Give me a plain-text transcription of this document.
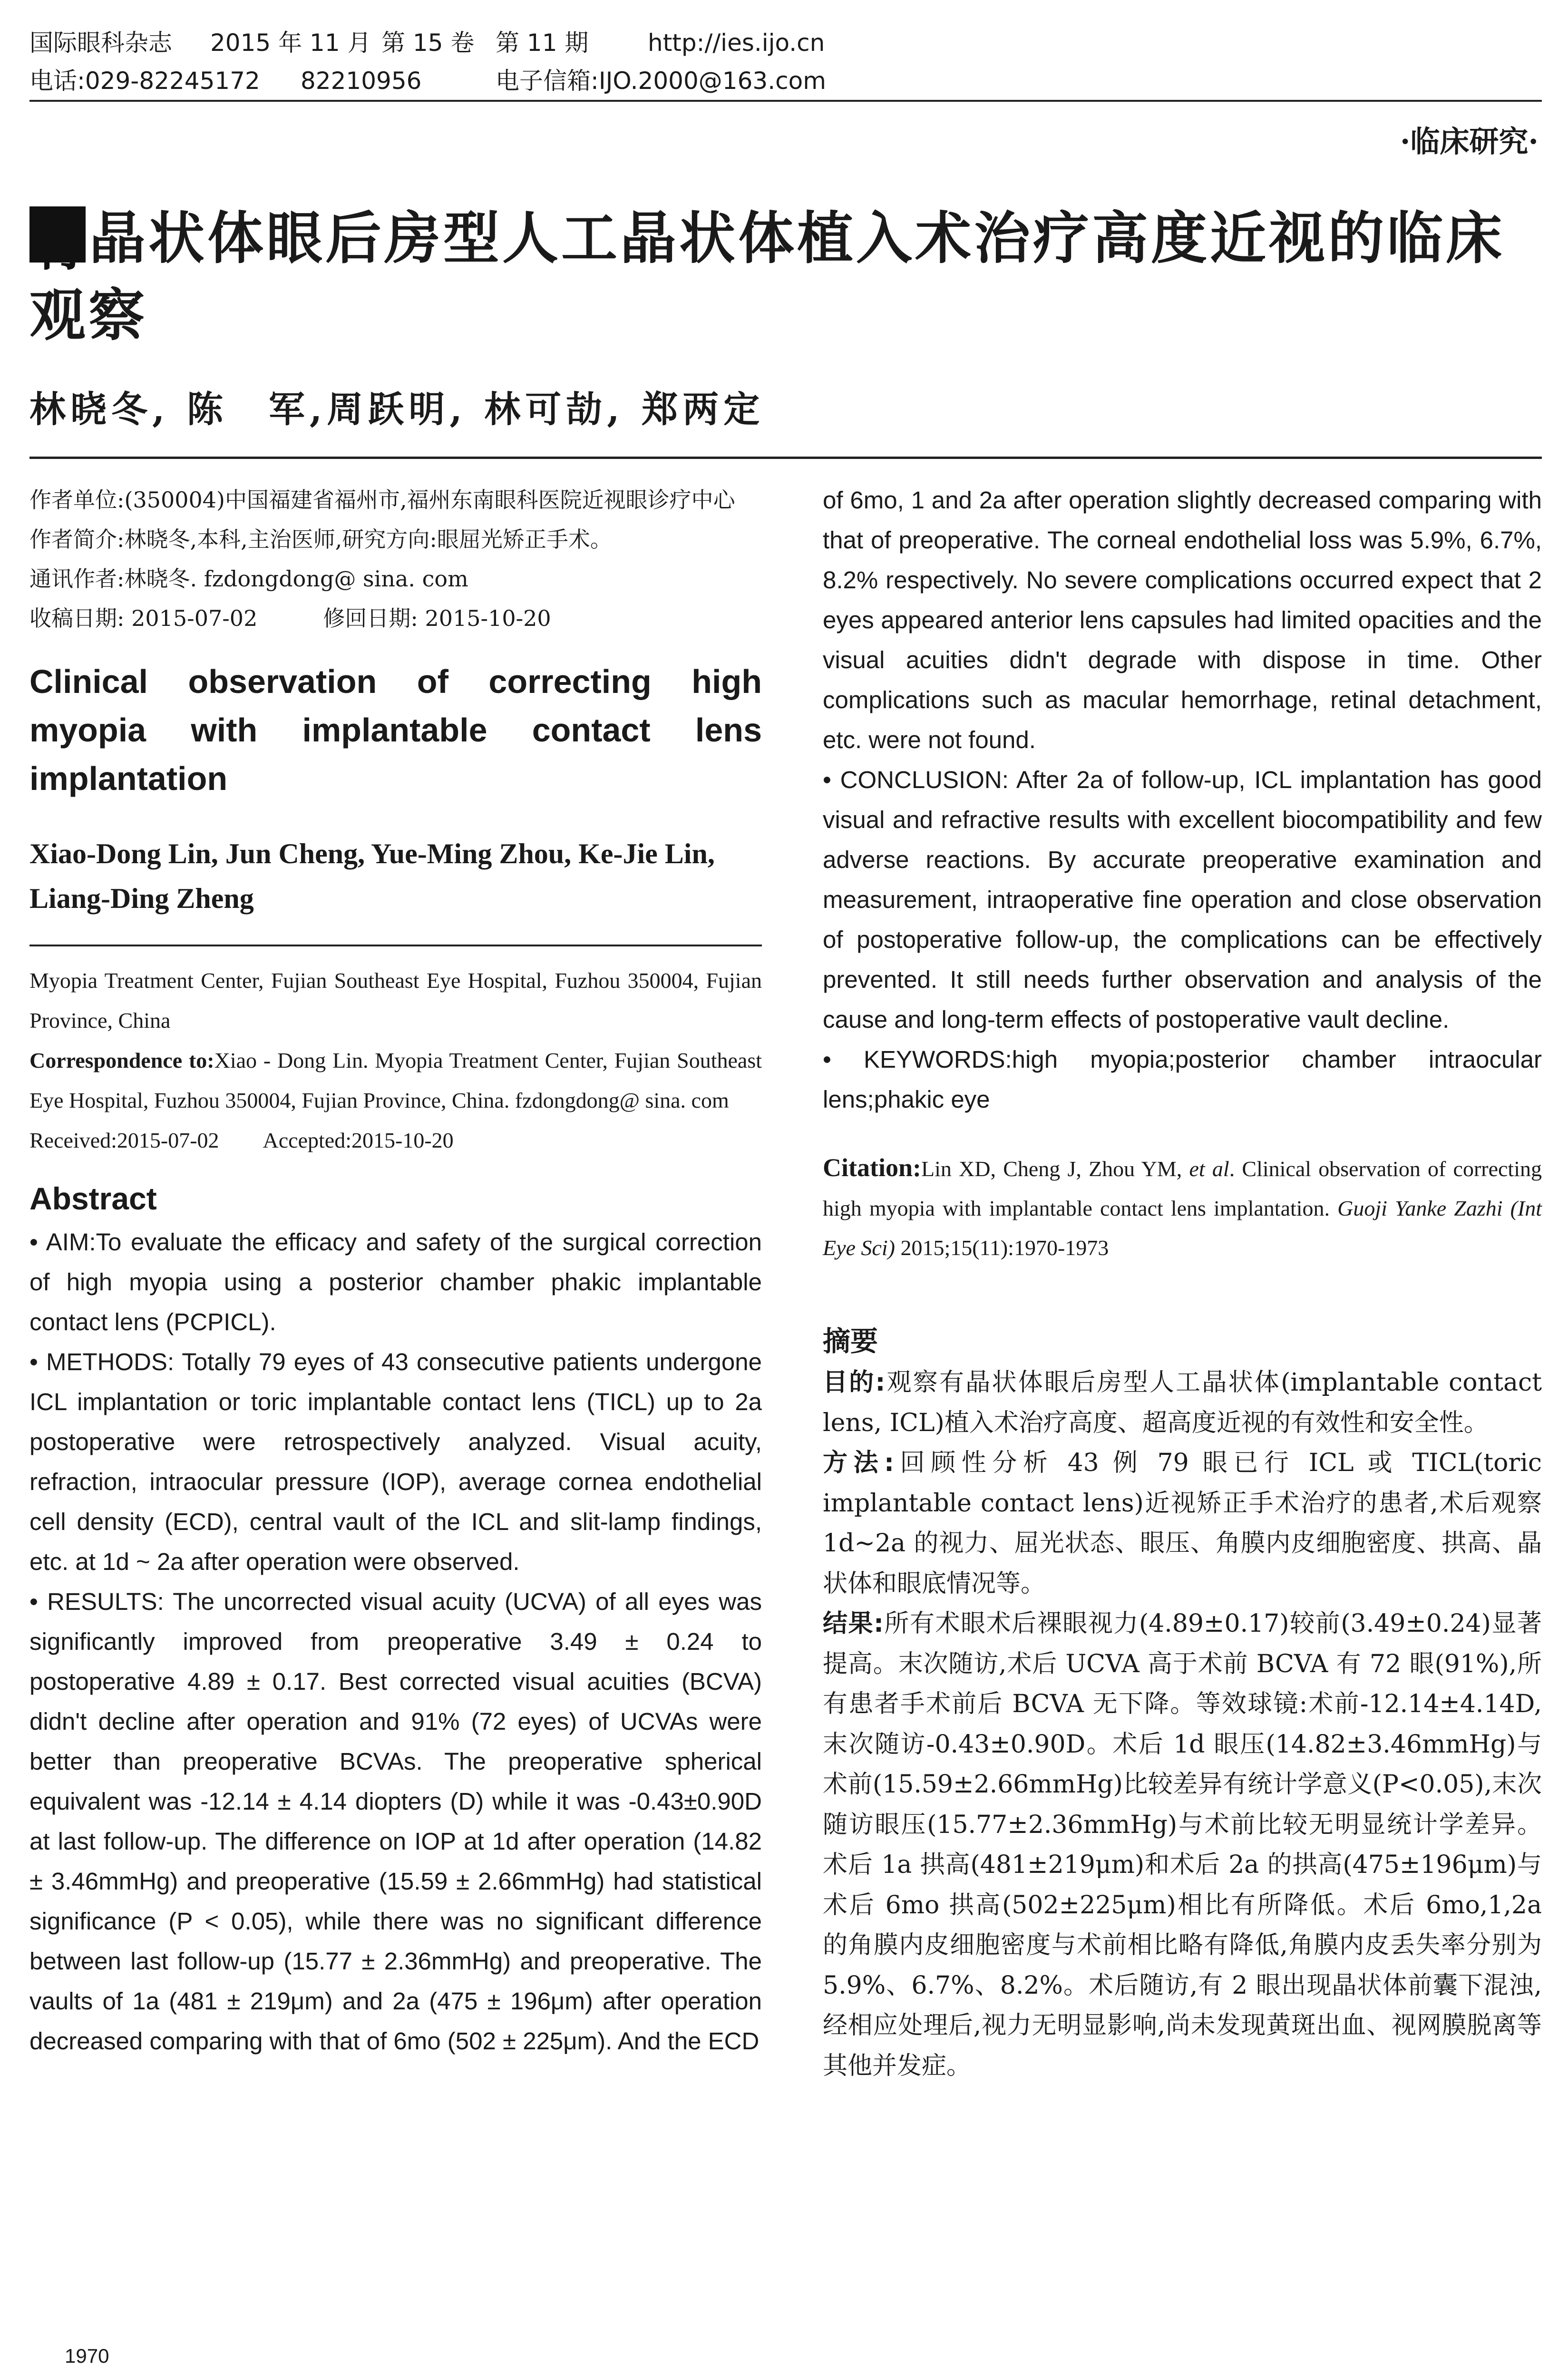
国际眼科杂志	2015 年 11 月 第 15 卷 第 11 期	http://ies.ijo.cn
电话:029-82245172	82210956	电子信箱:IJO.2000@163.com
·临床研究·
有晶状体眼后房型人工晶状体植入术治疗高度近视的临床观察
林晓冬, 陈　军,周跃明, 林可劼, 郑两定

作者单位:(350004)中国福建省福州市,福州东南眼科医院近视眼诊疗中心

作者简介:林晓冬,本科,主治医师,研究方向:眼屈光矫正手术。

通讯作者:林晓冬. fzdongdong@ sina. com

收稿日期: 2015-07-02　　　修回日期: 2015-10-20

Clinical observation of correcting high myopia with implantable contact lens implantation
Xiao-Dong Lin, Jun Cheng, Yue-Ming Zhou, Ke-Jie Lin, Liang-Ding Zheng

Myopia Treatment Center, Fujian Southeast Eye Hospital, Fuzhou 350004, Fujian Province, China

Correspondence to:Xiao - Dong Lin. Myopia Treatment Center, Fujian Southeast Eye Hospital, Fuzhou 350004, Fujian Province, China. fzdongdong@ sina. com

Received:2015-07-02　　Accepted:2015-10-20

Abstract

• AIM:To evaluate the efficacy and safety of the surgical correction of high myopia using a posterior chamber phakic implantable contact lens (PCPICL).

• METHODS: Totally 79 eyes of 43 consecutive patients undergone ICL implantation or toric implantable contact lens (TICL) up to 2a postoperative were retrospectively analyzed. Visual acuity, refraction, intraocular pressure (IOP), average cornea endothelial cell density (ECD), central vault of the ICL and slit-lamp findings, etc. at 1d ~ 2a after operation were observed.

• RESULTS: The uncorrected visual acuity (UCVA) of all eyes was significantly improved from preoperative 3.49 ± 0.24 to postoperative 4.89 ± 0.17. Best corrected visual acuities (BCVA) didn't decline after operation and 91% (72 eyes) of UCVAs were better than preoperative BCVAs. The preoperative spherical equivalent was -12.14 ± 4.14 diopters (D) while it was -0.43±0.90D at last follow-up. The difference on IOP at 1d after operation (14.82 ± 3.46mmHg) and preoperative (15.59 ± 2.66mmHg) had statistical significance (P < 0.05), while there was no significant difference between last follow-up (15.77 ± 2.36mmHg) and preoperative. The vaults of 1a (481 ± 219μm) and 2a (475 ± 196μm) after operation decreased comparing with that of 6mo (502 ± 225μm). And the ECD

of 6mo, 1 and 2a after operation slightly decreased comparing with that of preoperative. The corneal endothelial loss was 5.9%, 6.7%, 8.2% respectively. No severe complications occurred expect that 2 eyes appeared anterior lens capsules had limited opacities and the visual acuities didn't degrade with dispose in time. Other complications such as macular hemorrhage, retinal detachment, etc. were not found.

• CONCLUSION: After 2a of follow-up, ICL implantation has good visual and refractive results with excellent biocompatibility and few adverse reactions. By accurate preoperative examination and measurement, intraoperative fine operation and close observation of postoperative follow-up, the complications can be effectively prevented. It still needs further observation and analysis of the cause and long-term effects of postoperative vault decline.

• KEYWORDS:high myopia;posterior chamber intraocular lens;phakic eye

Citation:Lin XD, Cheng J, Zhou YM, et al. Clinical observation of correcting high myopia with implantable contact lens implantation. Guoji Yanke Zazhi (Int Eye Sci) 2015;15(11):1970-1973
摘要

目的:观察有晶状体眼后房型人工晶状体(implantable contact lens, ICL)植入术治疗高度、超高度近视的有效性和安全性。

方法:回顾性分析 43 例 79 眼已行 ICL 或 TICL(toric implantable contact lens)近视矫正手术治疗的患者,术后观察 1d~2a 的视力、屈光状态、眼压、角膜内皮细胞密度、拱高、晶状体和眼底情况等。

结果:所有术眼术后裸眼视力(4.89±0.17)较前(3.49±0.24)显著提高。末次随访,术后 UCVA 高于术前 BCVA 有 72 眼(91%),所有患者手术前后 BCVA 无下降。等效球镜:术前-12.14±4.14D,末次随访-0.43±0.90D。术后 1d 眼压(14.82±3.46mmHg)与术前(15.59±2.66mmHg)比较差异有统计学意义(P<0.05),末次随访眼压(15.77±2.36mmHg)与术前比较无明显统计学差异。术后 1a 拱高(481±219μm)和术后 2a 的拱高(475±196μm)与术后 6mo 拱高(502±225μm)相比有所降低。术后 6mo,1,2a 的角膜内皮细胞密度与术前相比略有降低,角膜内皮丢失率分别为 5.9%、6.7%、8.2%。术后随访,有 2 眼出现晶状体前囊下混浊,经相应处理后,视力无明显影响,尚未发现黄斑出血、视网膜脱离等其他并发症。

1970
